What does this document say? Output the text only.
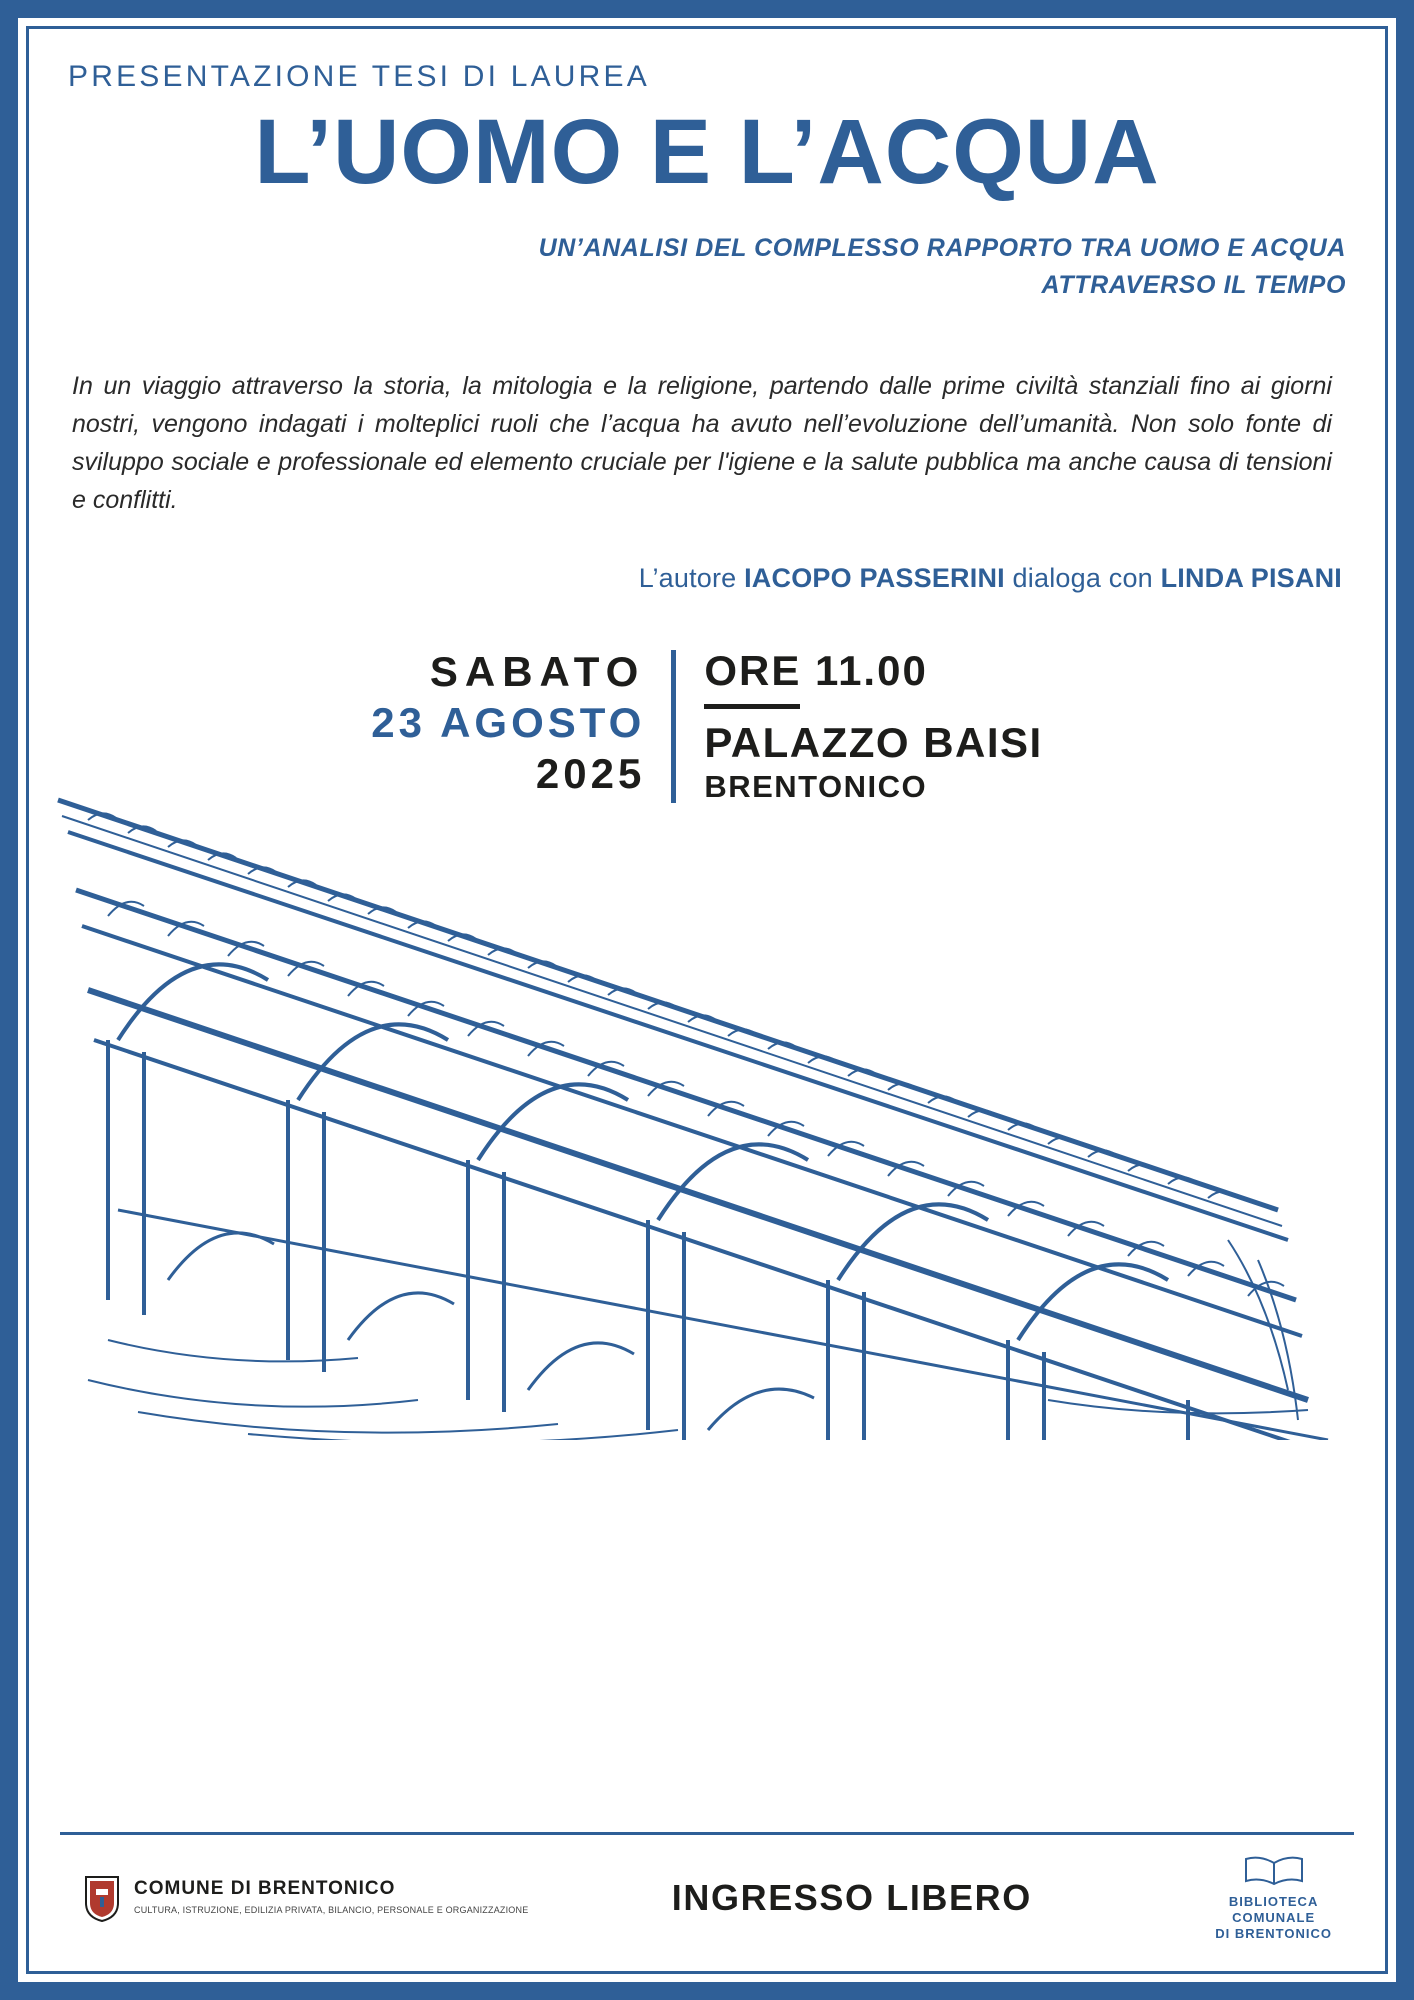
PRESENTAZIONE TESI DI LAUREA
L’UOMO E L’ACQUA
UN’ANALISI DEL COMPLESSO RAPPORTO TRA UOMO E ACQUA
ATTRAVERSO IL TEMPO

In un viaggio attraverso la storia, la mitologia e la religione, partendo dalle prime civiltà stanziali fino ai giorni nostri, vengono indagati i molteplici ruoli che l’acqua ha avuto nell’evoluzione dell’umanità. Non solo fonte di sviluppo sociale e professionale ed elemento cruciale per l'igiene e la salute pubblica ma anche causa di tensioni e conflitti.

L’autore IACOPO PASSERINI dialoga con LINDA PISANI
SABATO
23 AGOSTO
2025
ORE 11.00
PALAZZO BAISI
BRENTONICO
COMUNE DI BRENTONICO
CULTURA, ISTRUZIONE, EDILIZIA PRIVATA, BILANCIO, PERSONALE E ORGANIZZAZIONE	INGRESSO LIBERO	BIBLIOTECA
COMUNALE
DI BRENTONICO
